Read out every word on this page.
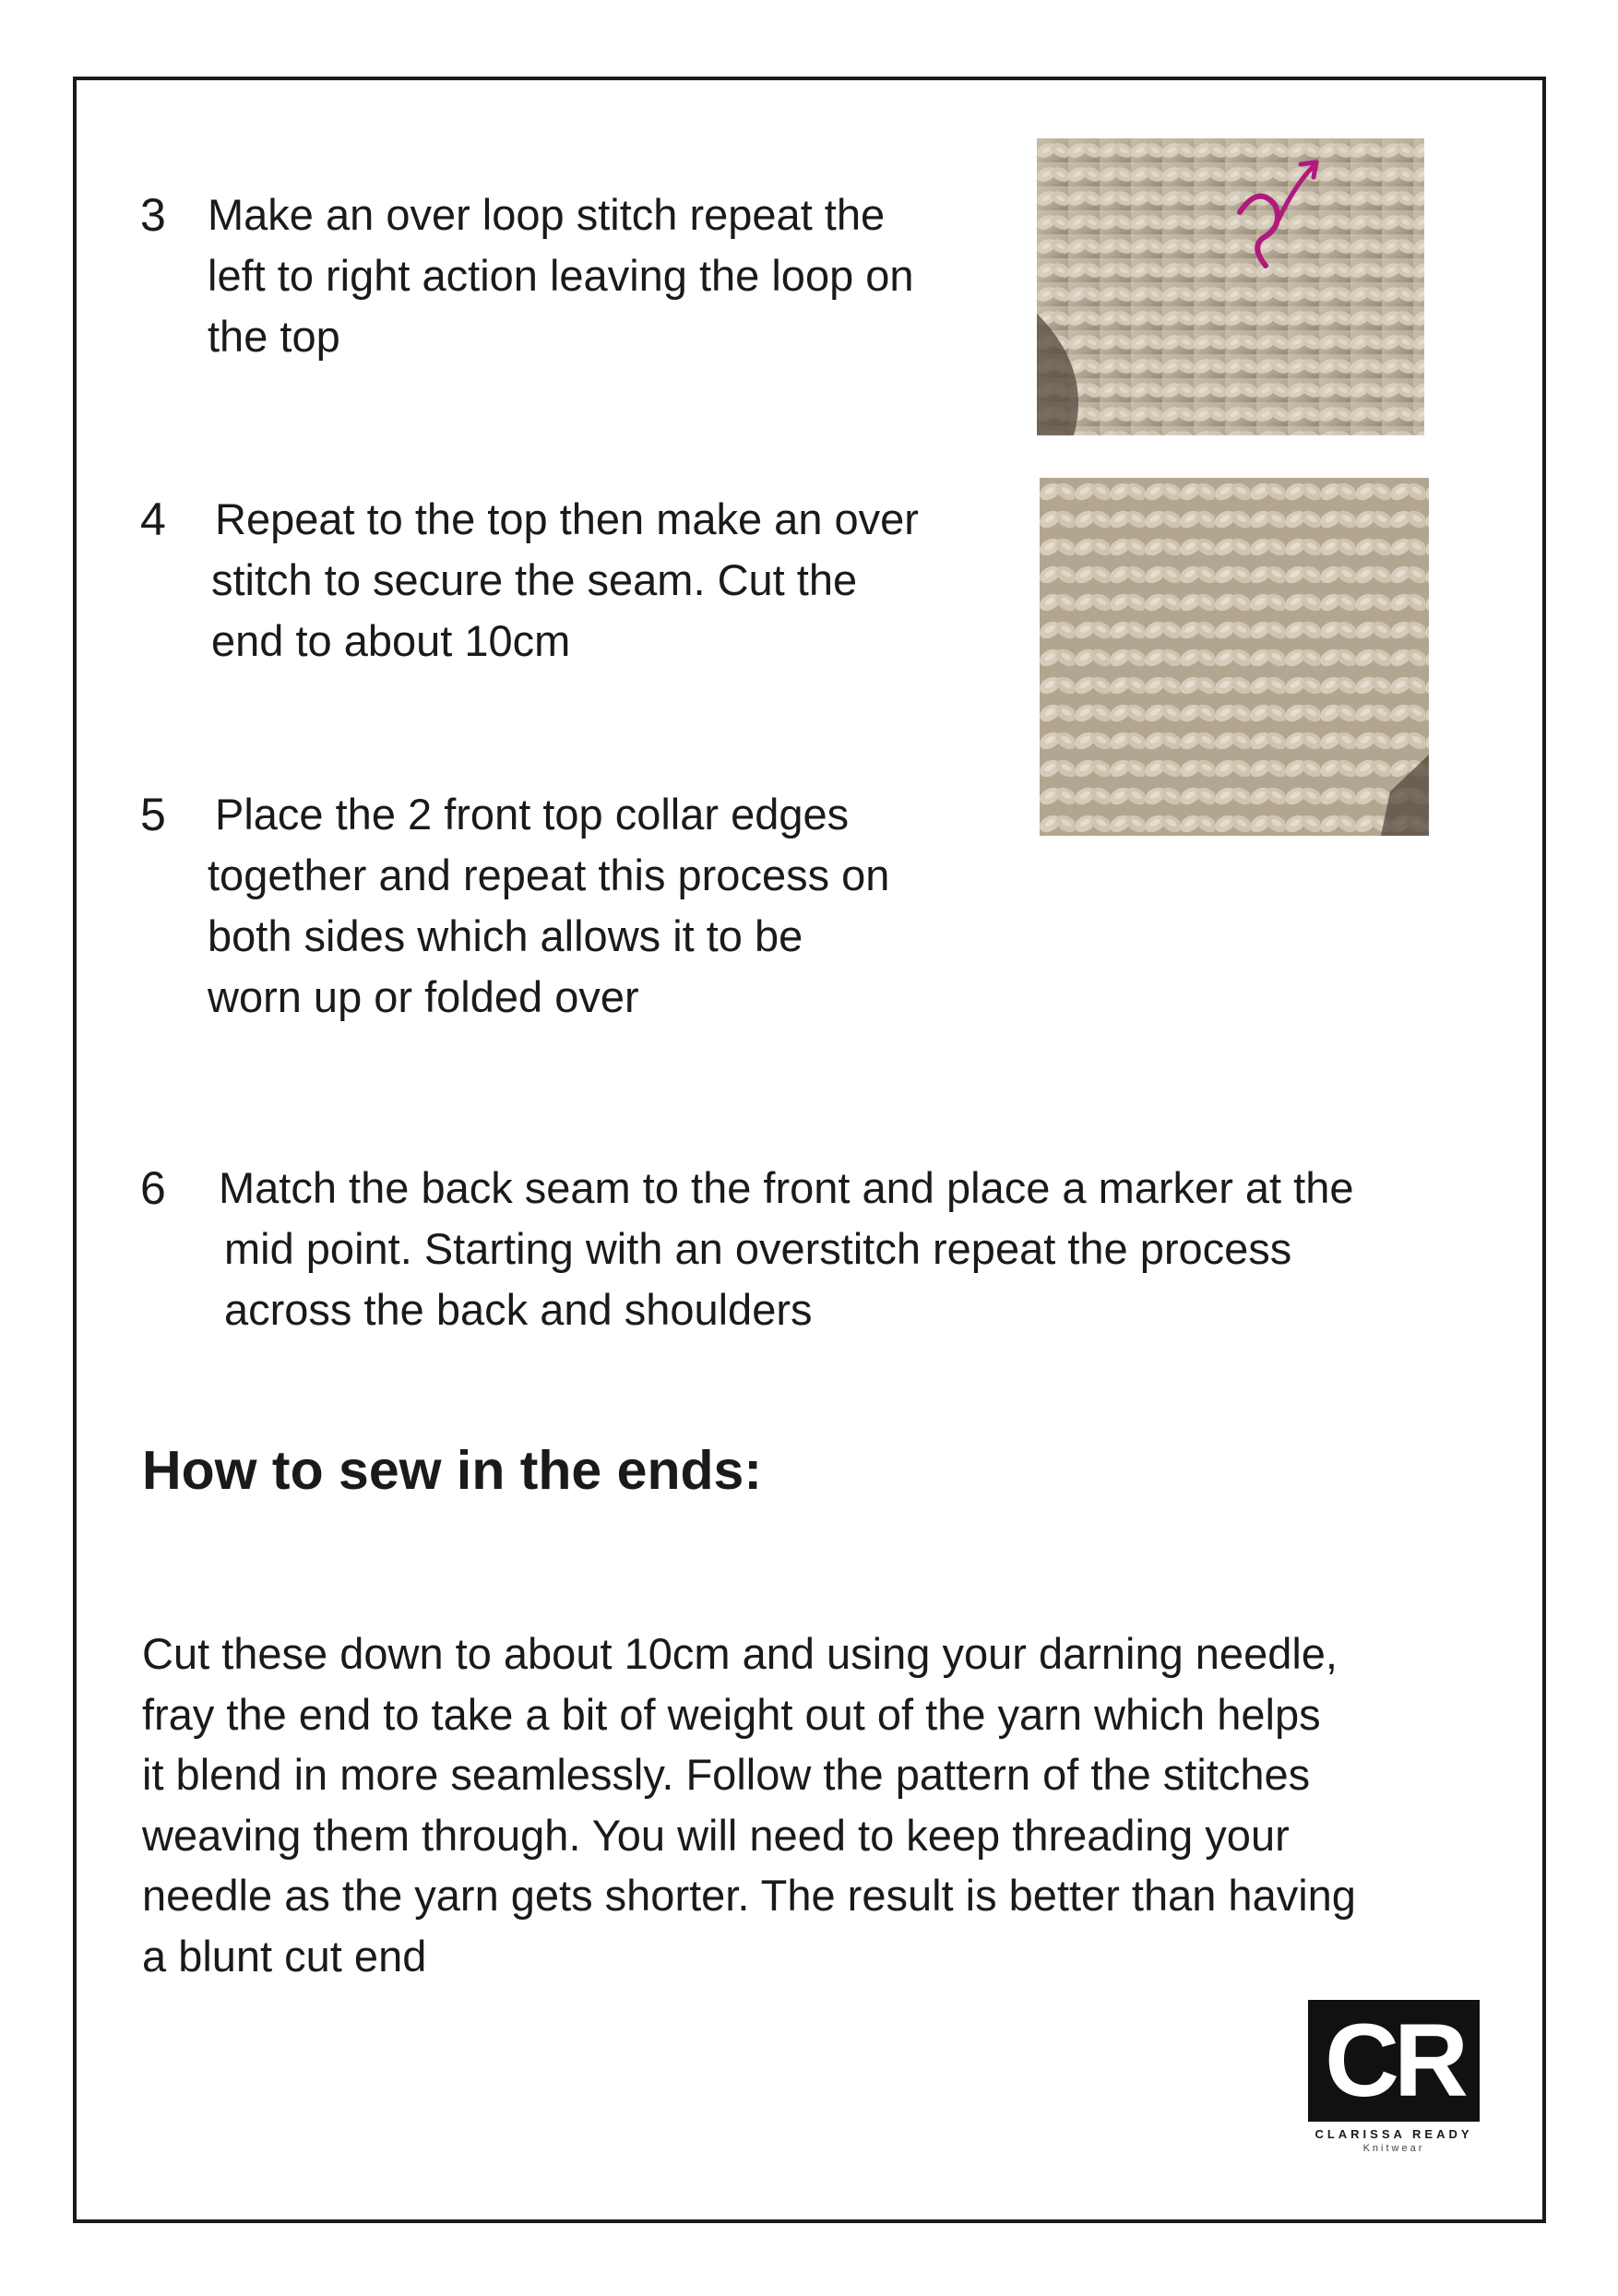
3 Make an over loop stitch repeat the
left to right action leaving the loop on
the top
4 Repeat to the top then make an over
stitch to secure the seam. Cut the
end to about 10cm
5 Place the 2 front top collar edges
together and repeat this process on
both sides which allows it to be
worn up or folded over
6 Match the back seam to the front and place a marker at the
mid point. Starting with an overstitch repeat the process
across the back and shoulders
How to sew in the ends:
Cut these down to about 10cm and using your darning needle,
fray the end to take a bit of weight out of the yarn which helps
it blend in more seamlessly. Follow the pattern of the stitches
weaving them through. You will need to keep threading your
needle as the yarn gets shorter. The result is better than having
a blunt cut end
CR
CLARISSA READY
Knitwear
